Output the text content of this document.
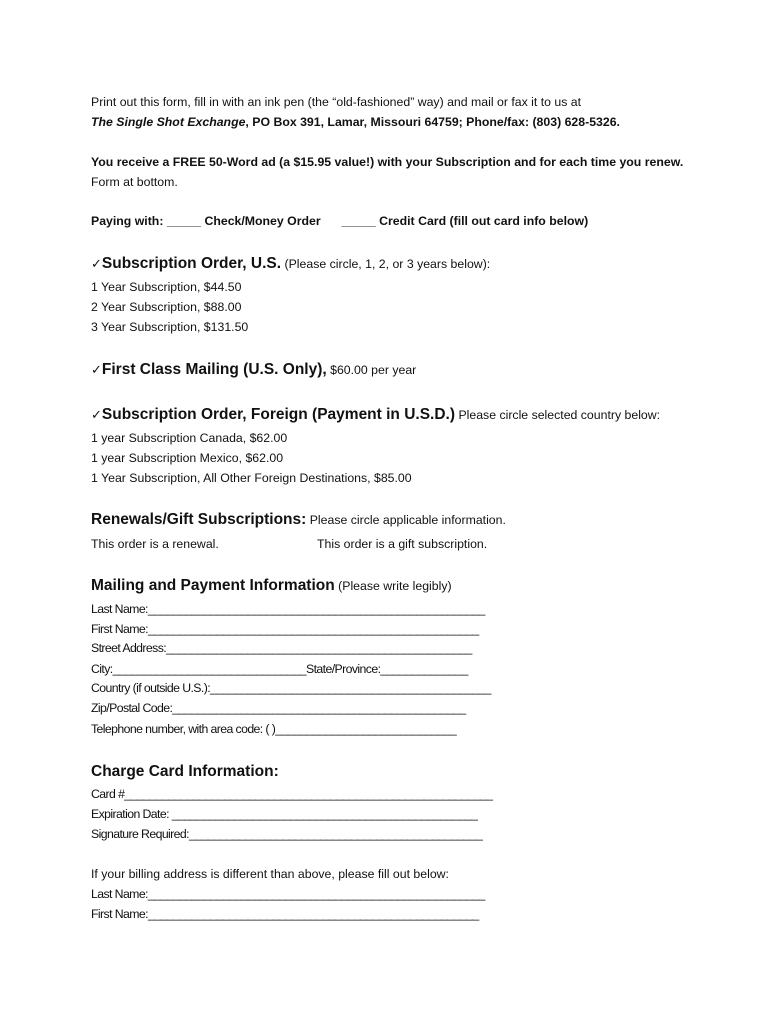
Print out this form, fill in with an ink pen (the “old-fashioned” way) and mail or fax it to us at
The Single Shot Exchange, PO Box 391, Lamar, Missouri 64759; Phone/fax: (803) 628-5326.
You receive a FREE 50-Word ad (a $15.95 value!) with your Subscription and for each time you renew.
Form at bottom.
Paying with: _____ Check/Money Order _____ Credit Card (fill out card info below)
✓Subscription Order, U.S. (Please circle, 1, 2, or 3 years below):
1 Year Subscription, $44.50
2 Year Subscription, $88.00
3 Year Subscription, $131.50
✓First Class Mailing (U.S. Only), $60.00 per year
✓Subscription Order, Foreign (Payment in U.S.D.) Please circle selected country below:
1 year Subscription Canada, $62.00
1 year Subscription Mexico, $62.00
1 Year Subscription, All Other Foreign Destinations, $85.00
Renewals/Gift Subscriptions: Please circle applicable information.
This order is a renewal.	This order is a gift subscription.
Mailing and Payment Information (Please write legibly)
Last Name:______________________________________________________
First Name:_____________________________________________________
Street Address:_________________________________________________
City:_______________________________State/Province:______________
Country (if outside U.S.):_____________________________________________
Zip/Postal Code:_______________________________________________
Telephone number, with area code: ( )_____________________________
Charge Card Information:
Card #___________________________________________________________
Expiration Date: _________________________________________________
Signature Required:_______________________________________________
If your billing address is different than above, please fill out below:
Last Name:______________________________________________________
First Name:_____________________________________________________
